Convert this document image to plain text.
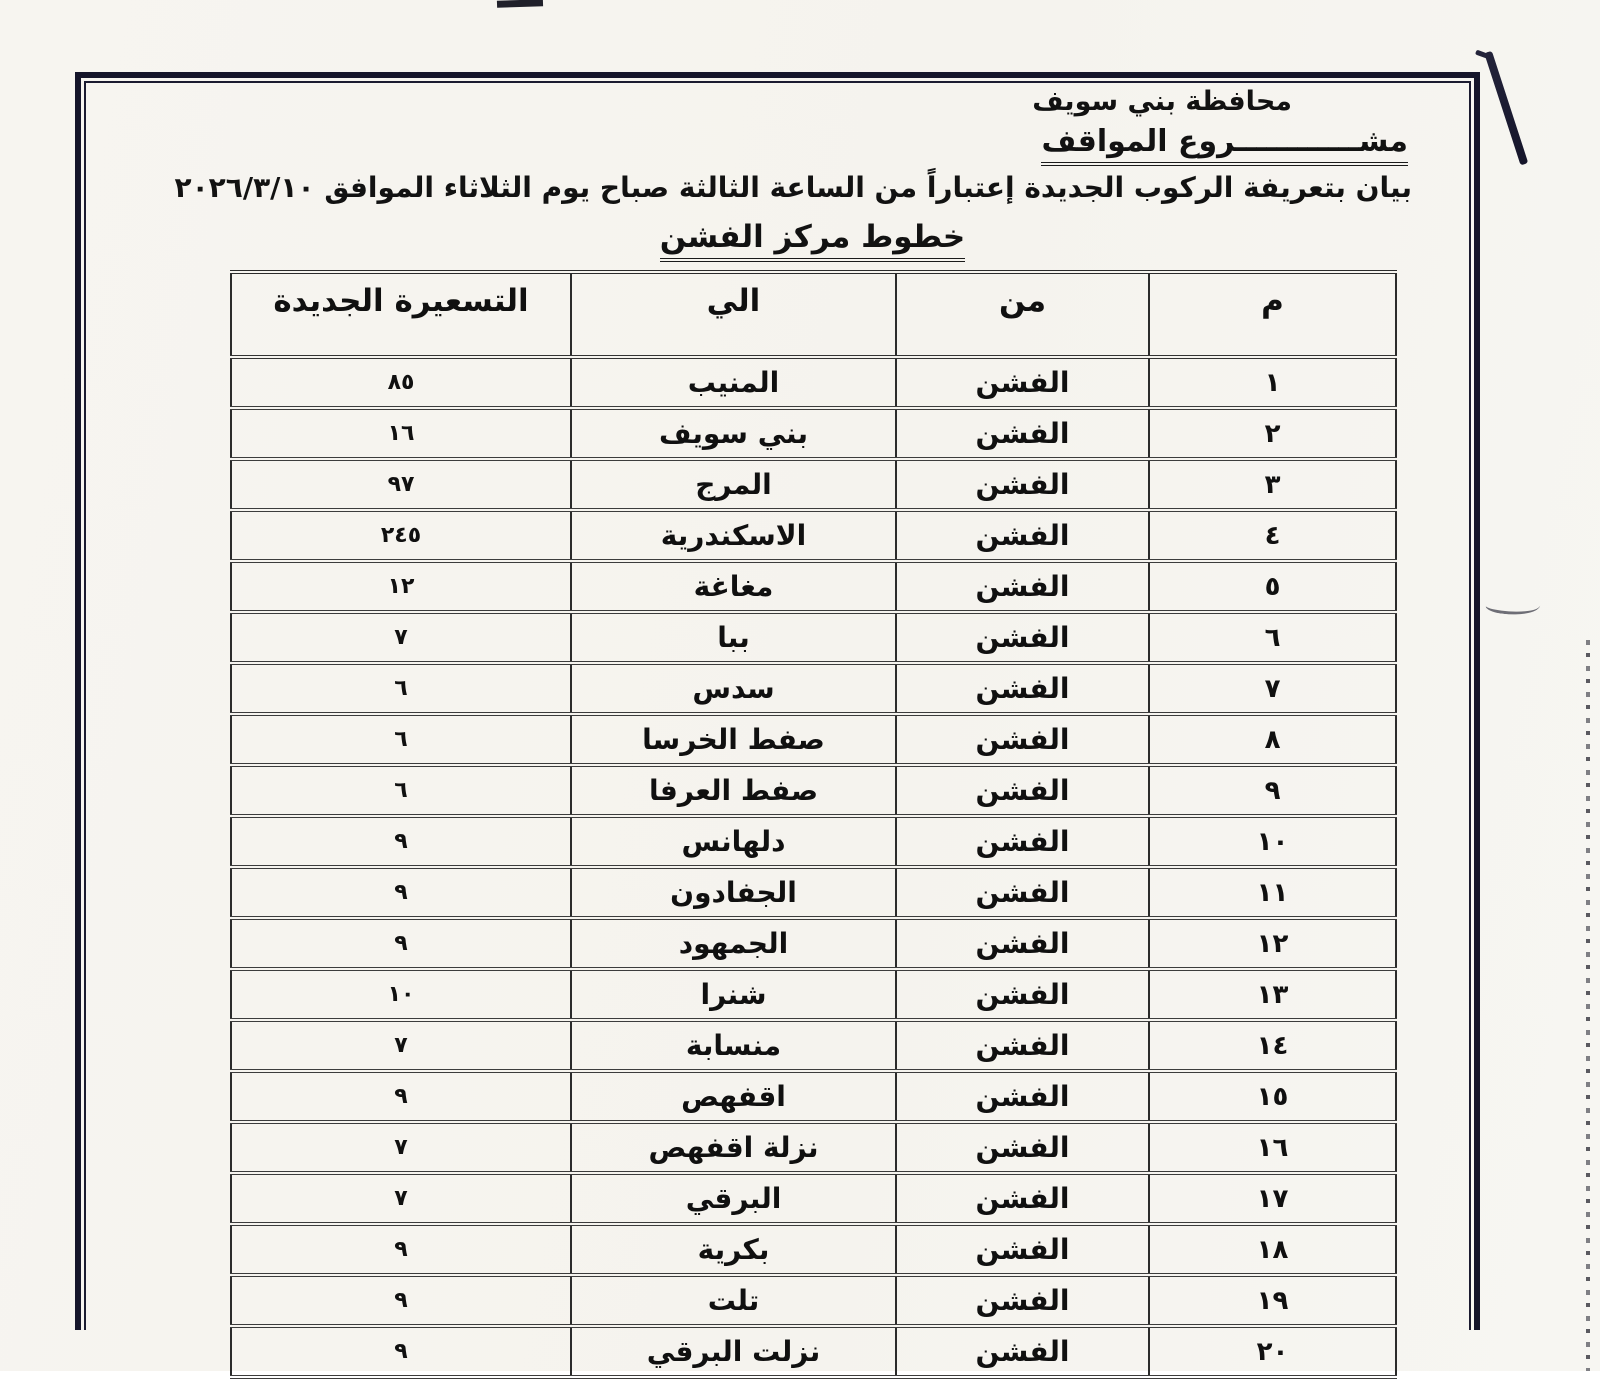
محافظة بني سويف
مشــــــــــــروع المواقف
بيان بتعريفة الركوب الجديدة إعتباراً من الساعة الثالثة صباح يوم الثلاثاء الموافق ٢٠٢٦/٣/١٠
خطوط مركز الفشن
م	من	الي	التسعيرة الجديدة
١	الفشن	المنيب	٨٥
٢	الفشن	بني سويف	١٦
٣	الفشن	المرج	٩٧
٤	الفشن	الاسكندرية	٢٤٥
٥	الفشن	مغاغة	١٢
٦	الفشن	ببا	٧
٧	الفشن	سدس	٦
٨	الفشن	صفط الخرسا	٦
٩	الفشن	صفط العرفا	٦
١٠	الفشن	دلهانس	٩
١١	الفشن	الجفادون	٩
١٢	الفشن	الجمهود	٩
١٣	الفشن	شنرا	١٠
١٤	الفشن	منسابة	٧
١٥	الفشن	اقفهص	٩
١٦	الفشن	نزلة اقفهص	٧
١٧	الفشن	البرقي	٧
١٨	الفشن	بكرية	٩
١٩	الفشن	تلت	٩
٢٠	الفشن	نزلت البرقي	٩
